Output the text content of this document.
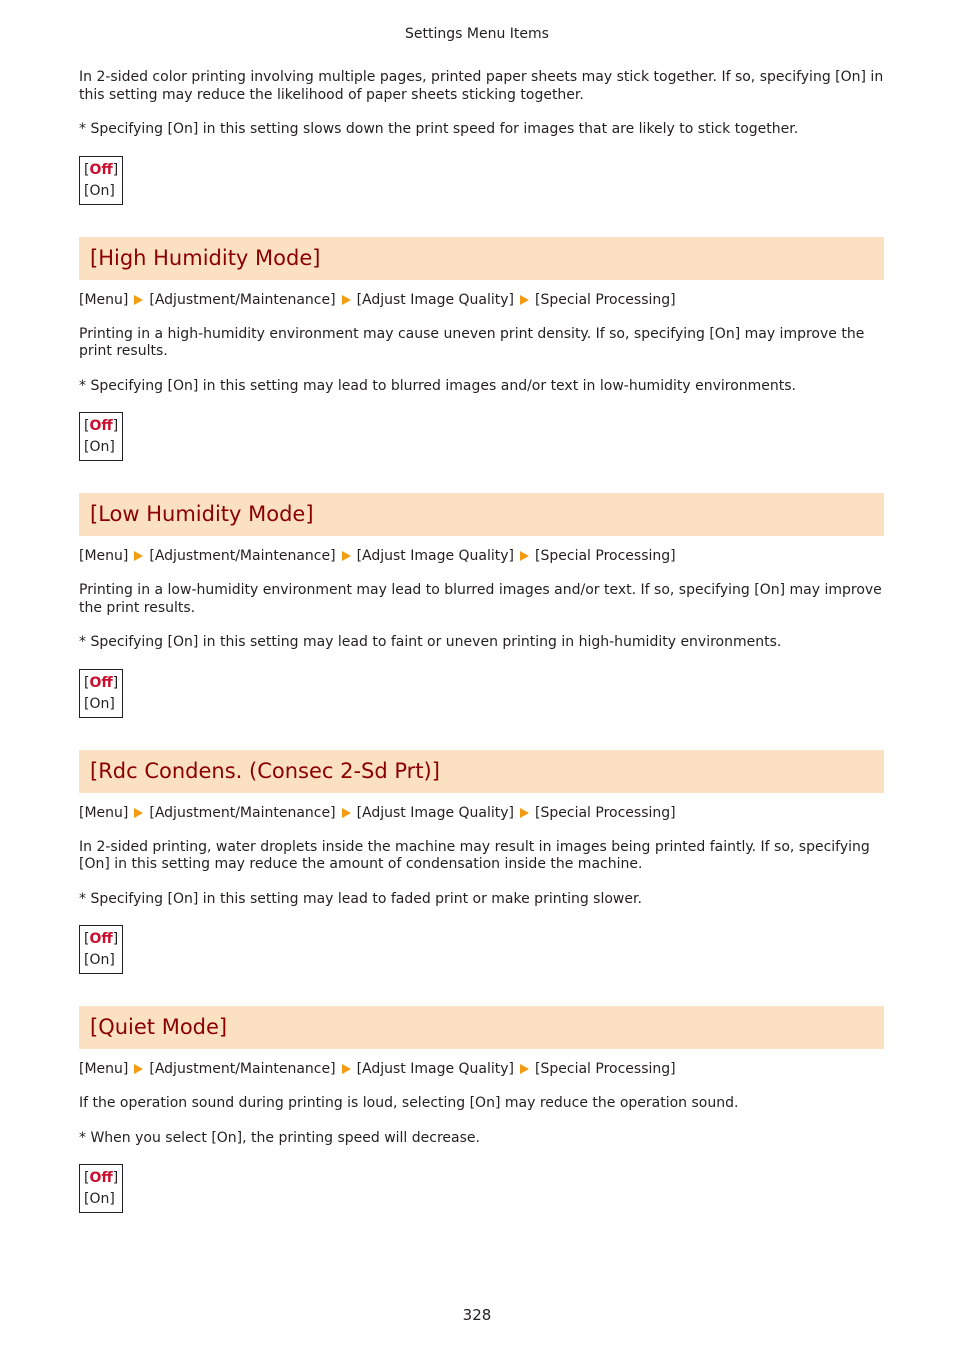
Settings Menu Items

In 2-sided color printing involving multiple pages, printed paper sheets may stick together. If so, specifying [On] in this setting may reduce the likelihood of paper sheets sticking together.

* Specifying [On] in this setting slows down the print speed for images that are likely to stick together.

[Off]
[On]
[High Humidity Mode]
[Menu] [Adjustment/Maintenance] [Adjust Image Quality] [Special Processing]

Printing in a high-humidity environment may cause uneven print density. If so, specifying [On] may improve the print results.

* Specifying [On] in this setting may lead to blurred images and/or text in low-humidity environments.

[Off]
[On]
[Low Humidity Mode]
[Menu] [Adjustment/Maintenance] [Adjust Image Quality] [Special Processing]

Printing in a low-humidity environment may lead to blurred images and/or text. If so, specifying [On] may improve the print results.

* Specifying [On] in this setting may lead to faint or uneven printing in high-humidity environments.

[Off]
[On]
[Rdc Condens. (Consec 2-Sd Prt)]
[Menu] [Adjustment/Maintenance] [Adjust Image Quality] [Special Processing]

In 2-sided printing, water droplets inside the machine may result in images being printed faintly. If so, specifying [On] in this setting may reduce the amount of condensation inside the machine.

* Specifying [On] in this setting may lead to faded print or make printing slower.

[Off]
[On]
[Quiet Mode]
[Menu] [Adjustment/Maintenance] [Adjust Image Quality] [Special Processing]

If the operation sound during printing is loud, selecting [On] may reduce the operation sound.

* When you select [On], the printing speed will decrease.

[Off]
[On]
328
